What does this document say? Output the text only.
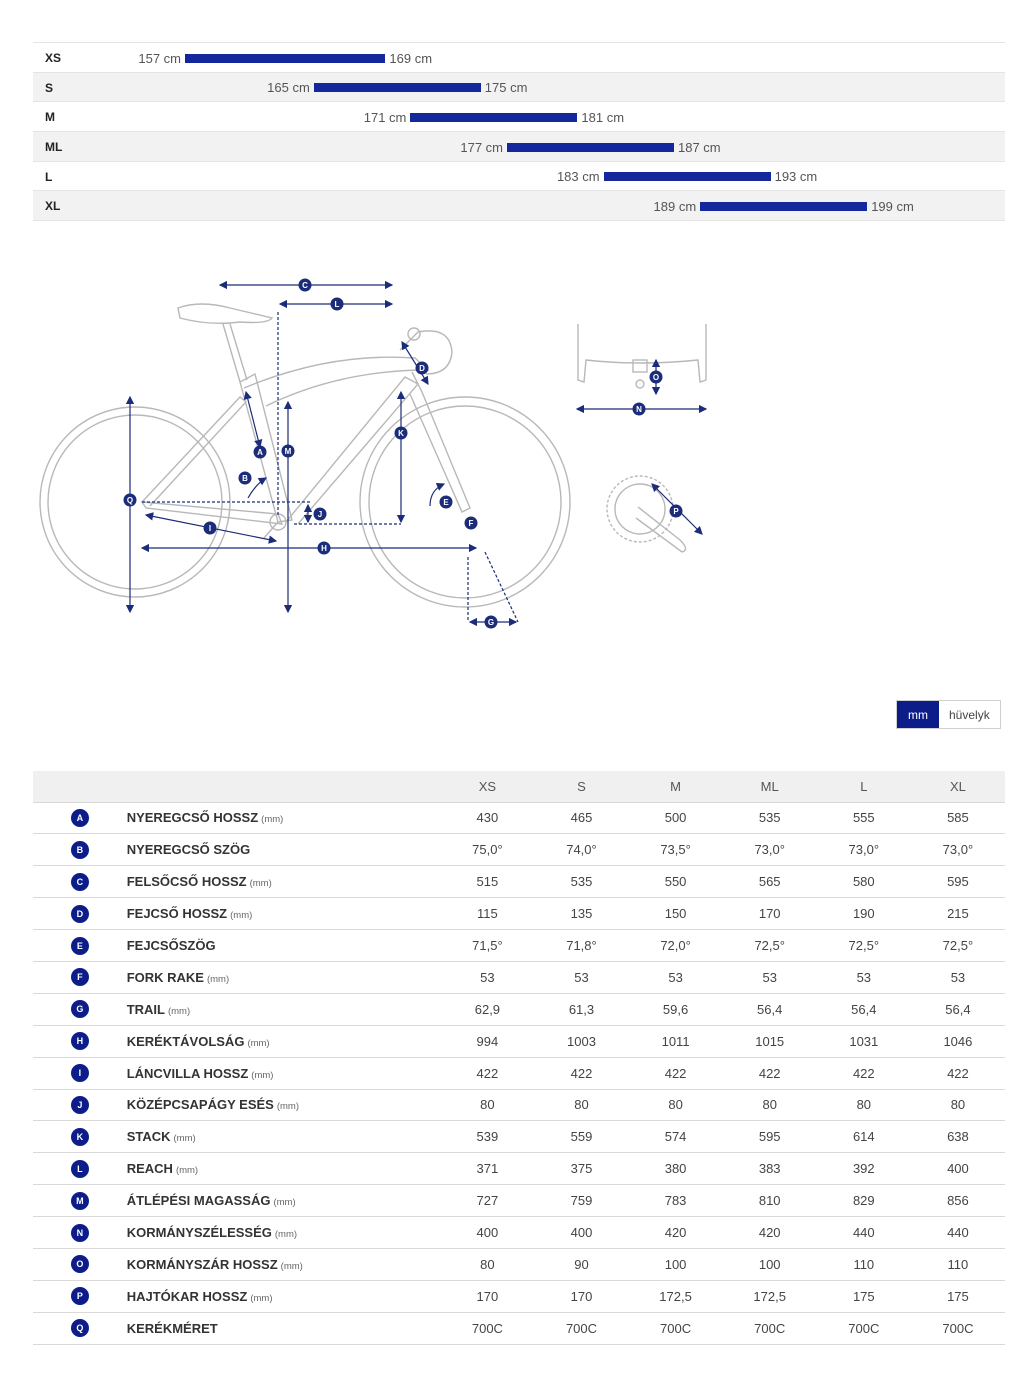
XS	157 cm	169 cm
S	165 cm	175 cm
M	171 cm	181 cm
ML	177 cm	187 cm
L	183 cm	193 cm
XL	189 cm	199 cm
A
B
C
D
E
F
G
H
I
J
K
L
M
N
O
P
Q
mm	hüvelyk
		XS	S	M	ML	L	XL
A	NYEREGCSŐ HOSSZ (mm)	430	465	500	535	555	585
B	NYEREGCSŐ SZÖG	75,0°	74,0°	73,5°	73,0°	73,0°	73,0°
C	FELSŐCSŐ HOSSZ (mm)	515	535	550	565	580	595
D	FEJCSŐ HOSSZ (mm)	115	135	150	170	190	215
E	FEJCSŐSZÖG	71,5°	71,8°	72,0°	72,5°	72,5°	72,5°
F	FORK RAKE (mm)	53	53	53	53	53	53
G	TRAIL (mm)	62,9	61,3	59,6	56,4	56,4	56,4
H	KERÉKTÁVOLSÁG (mm)	994	1003	1011	1015	1031	1046
I	LÁNCVILLA HOSSZ (mm)	422	422	422	422	422	422
J	KÖZÉPCSAPÁGY ESÉS (mm)	80	80	80	80	80	80
K	STACK (mm)	539	559	574	595	614	638
L	REACH (mm)	371	375	380	383	392	400
M	ÁTLÉPÉSI MAGASSÁG (mm)	727	759	783	810	829	856
N	KORMÁNYSZÉLESSÉG (mm)	400	400	420	420	440	440
O	KORMÁNYSZÁR HOSSZ (mm)	80	90	100	100	110	110
P	HAJTÓKAR HOSSZ (mm)	170	170	172,5	172,5	175	175
Q	KERÉKMÉRET	700C	700C	700C	700C	700C	700C
